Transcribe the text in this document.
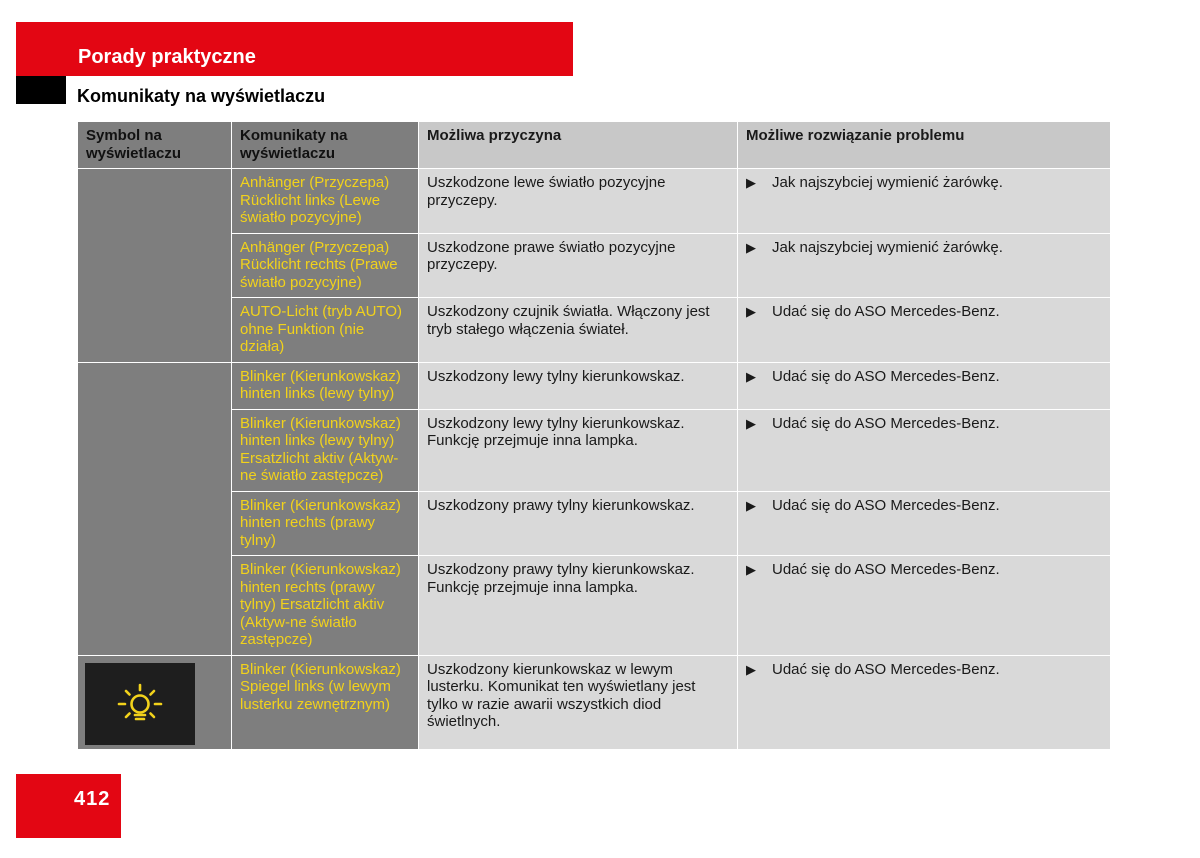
Porady praktyczne
Komunikaty na wyświetlaczu
Symbol na wyświetlaczu	Komunikaty na wyświetlaczu	Możliwa przyczyna	Możliwe rozwiązanie problemu
	Anhänger (Przyczepa) Rücklicht links (Lewe światło pozycyjne)	Uszkodzone lewe światło pozycyjne przyczepy.	▶ Jak najszybciej wymienić żarówkę.
	Anhänger (Przyczepa) Rücklicht rechts (Prawe światło pozycyjne)	Uszkodzone prawe światło pozycyjne przyczepy.	▶ Jak najszybciej wymienić żarówkę.
	AUTO-Licht (tryb AUTO) ohne Funktion (nie działa)	Uszkodzony czujnik światła. Włączony jest tryb stałego włączenia świateł.	▶ Udać się do ASO Mercedes-Benz.
	Blinker (Kierunkowskaz) hinten links (lewy tylny)	Uszkodzony lewy tylny kierunkowskaz.	▶ Udać się do ASO Mercedes-Benz.
	Blinker (Kierunkowskaz) hinten links (lewy tylny) Ersatzlicht aktiv (Aktyw-ne światło zastępcze)	Uszkodzony lewy tylny kierunkowskaz. Funkcję przejmuje inna lampka.	▶ Udać się do ASO Mercedes-Benz.
	Blinker (Kierunkowskaz) hinten rechts (prawy tylny)	Uszkodzony prawy tylny kierunkowskaz.	▶ Udać się do ASO Mercedes-Benz.
	Blinker (Kierunkowskaz) hinten rechts (prawy tylny) Ersatzlicht aktiv (Aktyw-ne światło zastępcze)	Uszkodzony prawy tylny kierunkowskaz. Funkcję przejmuje inna lampka.	▶ Udać się do ASO Mercedes-Benz.

	Blinker (Kierunkowskaz) Spiegel links (w lewym lusterku zewnętrznym)	Uszkodzony kierunkowskaz w lewym lusterku. Komunikat ten wyświetlany jest tylko w razie awarii wszystkich diod świetlnych.	▶ Udać się do ASO Mercedes-Benz.
412
